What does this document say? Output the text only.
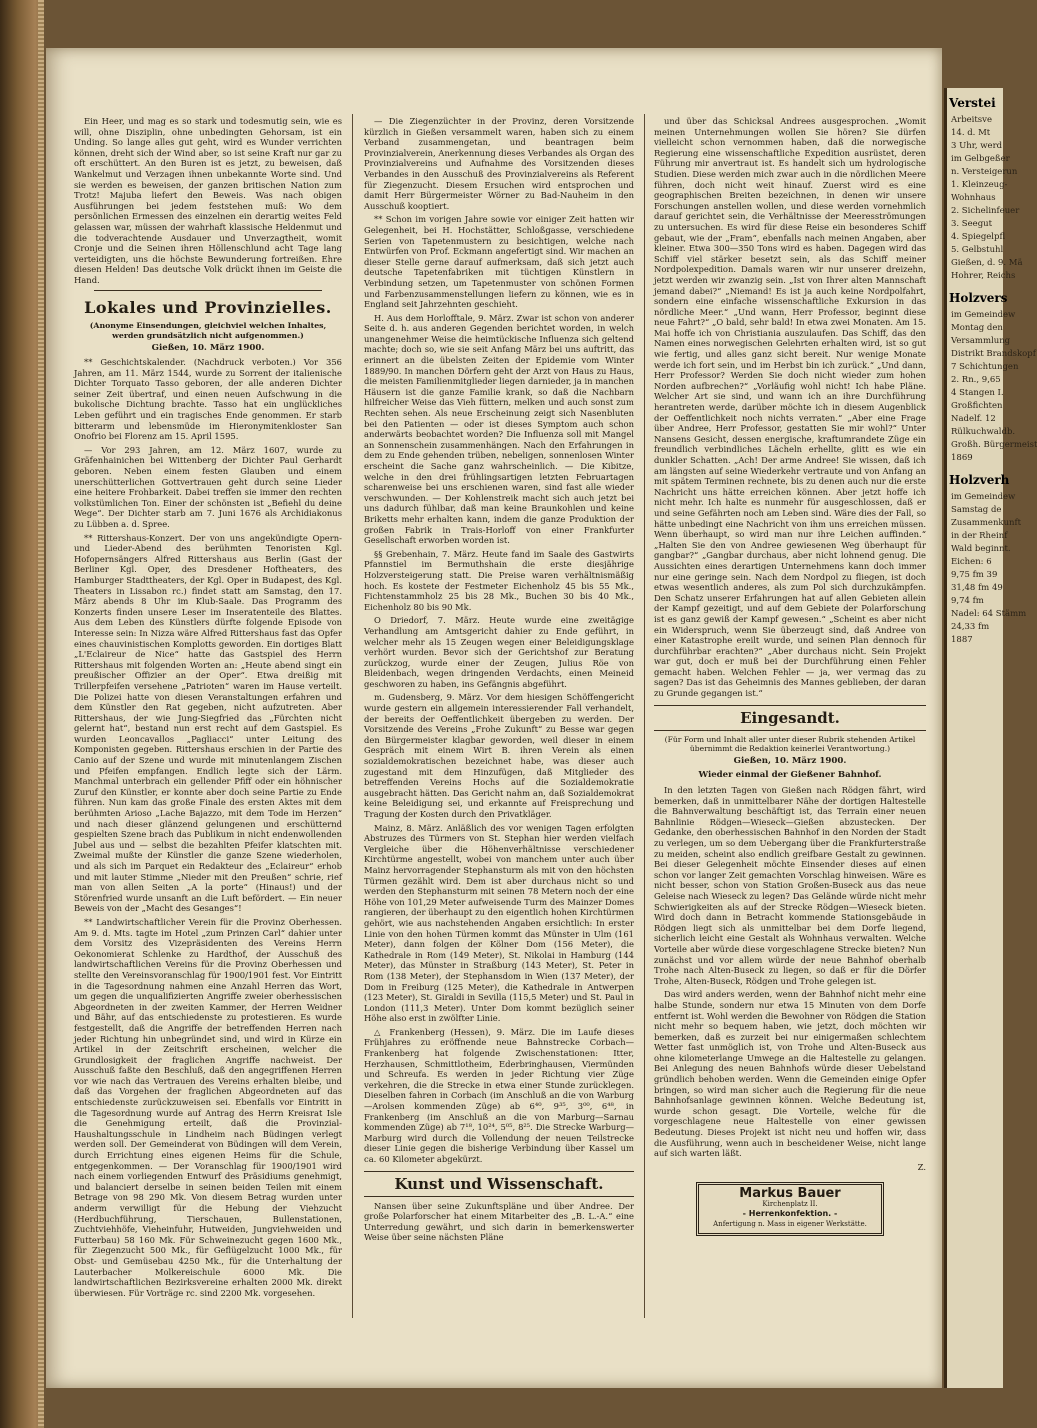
Ein Heer, und mag es so stark und todesmutig sein, wie es will, ohne Disziplin, ohne unbedingten Gehorsam, ist ein Unding. So lange alles gut geht, wird es Wunder verrichten können, dreht sich der Wind aber, so ist seine Kraft nur gar zu oft erschüttert. An den Buren ist es jetzt, zu beweisen, daß Wankelmut und Verzagen ihnen unbekannte Worte sind. Und sie werden es beweisen, der ganzen britischen Nation zum Trotz! Majuba liefert den Beweis. Was nach obigen Ausführungen bei jedem feststehen muß: Wo dem persönlichen Ermessen des einzelnen ein derartig weites Feld gelassen war, müssen der wahrhaft klassische Heldenmut und die todverachtende Ausdauer und Unverzagtheit, womit Cronje und die Seinen ihren Höllenschlund acht Tage lang verteidigten, uns die höchste Bewunderung fortreißen. Ehre diesen Helden! Das deutsche Volk drückt ihnen im Geiste die Hand.

Lokales und Provinzielles.
(Anonyme Einsendungen, gleichviel welchen Inhaltes, werden grundsätzlich nicht aufgenommen.)
Gießen, 10. März 1900.

** Geschichtskalender. (Nachdruck verboten.) Vor 356 Jahren, am 11. März 1544, wurde zu Sorrent der italienische Dichter Torquato Tasso geboren, der alle anderen Dichter seiner Zeit übertraf, und einen neuen Aufschwung in die bukolische Dichtung brachte. Tasso hat ein unglückliches Leben geführt und ein tragisches Ende genommen. Er starb bitterarm und lebensmüde im Hieronymitenkloster San Onofrio bei Florenz am 15. April 1595.

— Vor 293 Jahren, am 12. März 1607, wurde zu Gräfenhainichen bei Wittenberg der Dichter Paul Gerhardt geboren. Neben einem festen Glauben und einem unerschütterlichen Gottvertrauen geht durch seine Lieder eine heitere Frohbarkeit. Dabei treffen sie immer den rechten volkstümlichen Ton. Einer der schönsten ist „Befiehl du deine Wege“. Der Dichter starb am 7. Juni 1676 als Archidiakonus zu Lübben a. d. Spree.

** Rittershaus-Konzert. Der von uns angekündigte Opern- und Lieder-Abend des berühmten Tenoristen Kgl. Hofopernsängers Alfred Rittershaus aus Berlin (Gast der Berliner Kgl. Oper, des Dresdener Hoftheaters, des Hamburger Stadttheaters, der Kgl. Oper in Budapest, des Kgl. Theaters in Lissabon rc.) findet statt am Samstag, den 17. März abends 8 Uhr im Klub-Saale. Das Programm des Konzerts finden unsere Leser im Inseratenteile des Blattes. Aus dem Leben des Künstlers dürfte folgende Episode von Interesse sein: In Nizza wäre Alfred Rittershaus fast das Opfer eines chauvinistischen Komplotts geworden. Ein dortiges Blatt „L'Eclaireur de Nice“ hatte das Gastspiel des Herrn Rittershaus mit folgenden Worten an: „Heute abend singt ein preußischer Offizier an der Oper“. Etwa dreißig mit Trillerpfeifen versehene „Patrioten“ waren im Hause verteilt. Die Polizei hatte von diesen Veranstaltungen erfahren und dem Künstler den Rat gegeben, nicht aufzutreten. Aber Rittershaus, der wie Jung-Siegfried das „Fürchten nicht gelernt hat“, bestand nun erst recht auf dem Gastspiel. Es wurden Leoncavallos „Pagliacci“ unter Leitung des Komponisten gegeben. Rittershaus erschien in der Partie des Canio auf der Szene und wurde mit minutenlangem Zischen und Pfeifen empfangen. Endlich legte sich der Lärm. Manchmal unterbrach ein gellender Pfiff oder ein höhnischer Zuruf den Künstler, er konnte aber doch seine Partie zu Ende führen. Nun kam das große Finale des ersten Aktes mit dem berühmten Arioso „Lache Bajazzo, mit dem Tode im Herzen“ und nach dieser glänzend gelungenen und erschütternd gespielten Szene brach das Publikum in nicht endenwollenden Jubel aus und — selbst die bezahlten Pfeifer klatschten mit. Zweimal mußte der Künstler die ganze Szene wiederholen, und als sich im Parquet ein Redakteur des „Eclaireur“ erhob und mit lauter Stimme „Nieder mit den Preußen“ schrie, rief man von allen Seiten „A la porte“ (Hinaus!) und der Störenfried wurde unsanft an die Luft befördert. — Ein neuer Beweis von der „Macht des Gesanges“!

** Landwirtschaftlicher Verein für die Provinz Oberhessen. Am 9. d. Mts. tagte im Hotel „zum Prinzen Carl“ dahier unter dem Vorsitz des Vizepräsidenten des Vereins Herrn Oekonomierat Schlenke zu Hardthof, der Ausschuß des landwirtschaftlichen Vereins für die Provinz Oberhessen und stellte den Vereinsvoranschlag für 1900/1901 fest. Vor Eintritt in die Tagesordnung nahmen eine Anzahl Herren das Wort, um gegen die unqualifizierten Angriffe zweier oberhessischen Abgeordneten in der zweiten Kammer, der Herren Weidner und Bähr, auf das entschiedenste zu protestieren. Es wurde festgestellt, daß die Angriffe der betreffenden Herren nach jeder Richtung hin unbegründet sind, und wird in Kürze ein Artikel in der Zeitschrift erscheinen, welcher die Grundlosigkeit der fraglichen Angriffe nachweist. Der Ausschuß faßte den Beschluß, daß den angegriffenen Herren vor wie nach das Vertrauen des Vereins erhalten bleibe, und daß das Vorgehen der fraglichen Abgeordneten auf das entschiedenste zurückzuweisen sei. Ebenfalls vor Eintritt in die Tagesordnung wurde auf Antrag des Herrn Kreisrat Isle die Genehmigung erteilt, daß die Provinzial-Haushaltungsschule in Lindheim nach Büdingen verlegt werden soll. Der Gemeinderat von Büdingen will dem Verein, durch Errichtung eines eigenen Heims für die Schule, entgegenkommen. — Der Voranschlag für 1900/1901 wird nach einem vorliegenden Entwurf des Präsidiums genehmigt, und balanciert derselbe in seinen beiden Teilen mit einem Betrage von 98 290 Mk. Von diesem Betrag wurden unter anderm verwilligt für die Hebung der Viehzucht (Herdbuchführung, Tierschauen, Bullenstationen, Zuchtviehhöfe, Vieheinfuhr, Hutweiden, Jungviehweiden und Futterbau) 58 160 Mk. Für Schweinezucht gegen 1600 Mk., für Ziegenzucht 500 Mk., für Geflügelzucht 1000 Mk., für Obst- und Gemüsebau 4250 Mk., für die Unterhaltung der Lauterbacher Molkereischule 6000 Mk. Die landwirtschaftlichen Bezirksvereine erhalten 2000 Mk. direkt überwiesen. Für Vorträge rc. sind 2200 Mk. vorgesehen.

— Die Ziegenzüchter in der Provinz, deren Vorsitzende kürzlich in Gießen versammelt waren, haben sich zu einem Verband zusammengetan, und beantragen beim Provinzialverein, Anerkennung dieses Verbandes als Organ des Provinzialvereins und Aufnahme des Vorsitzenden dieses Verbandes in den Ausschuß des Provinzialvereins als Referent für Ziegenzucht. Diesem Ersuchen wird entsprochen und damit Herr Bürgermeister Wörner zu Bad-Nauheim in den Ausschuß kooptiert.

** Schon im vorigen Jahre sowie vor einiger Zeit hatten wir Gelegenheit, bei H. Hochstätter, Schloßgasse, verschiedene Serien von Tapetenmustern zu besichtigen, welche nach Entwürfen von Prof. Eckmann angefertigt sind. Wir machen an dieser Stelle gerne darauf aufmerksam, daß sich jetzt auch deutsche Tapetenfabriken mit tüchtigen Künstlern in Verbindung setzen, um Tapetenmuster von schönen Formen und Farbenzusammenstellungen liefern zu können, wie es in England seit Jahrzehnten geschieht.

H. Aus dem Horlofftale, 9. März. Zwar ist schon von anderer Seite d. h. aus anderen Gegenden berichtet worden, in welch unangenehmer Weise die heimtückische Influenza sich geltend machte; doch so, wie sie seit Anfang März bei uns auftritt, das erinnert an die übelsten Zeiten der Epidemie vom Winter 1889/90. In manchen Dörfern geht der Arzt von Haus zu Haus, die meisten Familienmitglieder liegen darnieder, ja in manchen Häusern ist die ganze Familie krank, so daß die Nachbarn hilfreicher Weise das Vieh füttern, melken und auch sonst zum Rechten sehen. Als neue Erscheinung zeigt sich Nasenbluten bei den Patienten — oder ist dieses Symptom auch schon anderwärts beobachtet worden? Die Influenza soll mit Mangel an Sonnenschein zusammenhängen. Nach den Erfahrungen in dem zu Ende gehenden trüben, nebeligen, sonnenlosen Winter erscheint die Sache ganz wahrscheinlich. — Die Kibitze, welche in den drei frühlingsartigen letzten Februartagen scharenweise bei uns erschienen waren, sind fast alle wieder verschwunden. — Der Kohlenstreik macht sich auch jetzt bei uns dadurch fühlbar, daß man keine Braunkohlen und keine Briketts mehr erhalten kann, indem die ganze Produktion der großen Fabrik in Trais-Horloff von einer Frankfurter Gesellschaft erworben worden ist.

§§ Grebenhain, 7. März. Heute fand im Saale des Gastwirts Pfannstiel im Bermuthshain die erste diesjährige Holzversteigerung statt. Die Preise waren verhältnismäßig hoch. Es kostete der Festmeter Eichenholz 45 bis 55 Mk., Fichtenstammholz 25 bis 28 Mk., Buchen 30 bis 40 Mk., Eichenholz 80 bis 90 Mk.

O Driedorf, 7. März. Heute wurde eine zweitägige Verhandlung am Amtsgericht dahier zu Ende geführt, in welcher mehr als 15 Zeugen wegen einer Beleidigungsklage verhört wurden. Bevor sich der Gerichtshof zur Beratung zurückzog, wurde einer der Zeugen, Julius Röe von Bleidenbach, wegen dringenden Verdachts, einen Meineid geschworen zu haben, ins Gefängnis abgeführt.

m. Gudensberg, 9. März. Vor dem hiesigen Schöffengericht wurde gestern ein allgemein interessierender Fall verhandelt, der bereits der Oeffentlichkeit übergeben zu werden. Der Vorsitzende des Vereins „Frohe Zukunft“ zu Besse war gegen den Bürgermeister klagbar geworden, weil dieser in einem Gespräch mit einem Wirt B. ihren Verein als einen sozialdemokratischen bezeichnet habe, was dieser auch zugestand mit dem Hinzufügen, daß Mitglieder des betreffenden Vereins Hochs auf die Sozialdemokratie ausgebracht hätten. Das Gericht nahm an, daß Sozialdemokrat keine Beleidigung sei, und erkannte auf Freisprechung und Tragung der Kosten durch den Privatkläger.

Mainz, 8. März. Anläßlich des vor wenigen Tagen erfolgten Abstruzes des Türmers von St. Stephan hier werden vielfach Vergleiche über die Höhenverhältnisse verschiedener Kirchtürme angestellt, wobei von manchem unter auch über Mainz hervorragender Stephansturm als mit von den höchsten Türmen gezählt wird. Dem ist aber durchaus nicht so und werden den Stephansturm mit seinen 78 Metern noch der eine Höhe von 101,29 Meter aufweisende Turm des Mainzer Domes rangieren, der überhaupt zu den eigentlich hohen Kirchtürmen gehört, wie aus nachstehenden Angaben ersichtlich: In erster Linie von den hohen Türmen kommt das Münster in Ulm (161 Meter), dann folgen der Kölner Dom (156 Meter), die Kathedrale in Rom (149 Meter), St. Nikolai in Hamburg (144 Meter), das Münster in Straßburg (143 Meter), St. Peter in Rom (138 Meter), der Stephansdom in Wien (137 Meter), der Dom in Freiburg (125 Meter), die Kathedrale in Antwerpen (123 Meter), St. Giraldi in Sevilla (115,5 Meter) und St. Paul in London (111,3 Meter). Unter Dom kommt bezüglich seiner Höhe also erst in zwölfter Linie.

△ Frankenberg (Hessen), 9. März. Die im Laufe dieses Frühjahres zu eröffnende neue Bahnstrecke Corbach—Frankenberg hat folgende Zwischenstationen: Itter, Herzhausen, Schmittlotheim, Ederbringhausen, Viermünden und Schreufa. Es werden in jeder Richtung vier Züge verkehren, die die Strecke in etwa einer Stunde zurücklegen. Dieselben fahren in Corbach (im Anschluß an die von Warburg—Arolsen kommenden Züge) ab 6⁴⁰, 9³⁵, 3⁰⁰, 6⁴⁸, in Frankenberg (im Anschluß an die von Marburg—Sarnau kommenden Züge) ab 7¹⁸, 10²⁴, 5⁰⁵, 8²⁵. Die Strecke Warburg—Marburg wird durch die Vollendung der neuen Teilstrecke dieser Linie gegen die bisherige Verbindung über Kassel um ca. 60 Kilometer abgekürzt.

Kunst und Wissenschaft.

Nansen über seine Zukunftspläne und über Andree. Der große Polarforscher hat einem Mitarbeiter des „B. L.-A.“ eine Unterredung gewährt, und sich darin in bemerkenswerter Weise über seine nächsten Pläne

und über das Schicksal Andrees ausgesprochen. „Womit meinen Unternehmungen wollen Sie hören? Sie dürfen vielleicht schon vernommen haben, daß die norwegische Regierung eine wissenschaftliche Expedition ausrüstet, deren Führung mir anvertraut ist. Es handelt sich um hydrologische Studien. Diese werden mich zwar auch in die nördlichen Meere führen, doch nicht weit hinauf. Zuerst wird es eine geographischen Breiten bezeichnen, in denen wir unsere Forschungen anstellen wollen, und diese werden vornehmlich darauf gerichtet sein, die Verhältnisse der Meeresströmungen zu untersuchen. Es wird für diese Reise ein besonderes Schiff gebaut, wie der „Fram“, ebenfalls nach meinen Angaben, aber kleiner. Etwa 300—350 Tons wird es haben. Dagegen wird das Schiff viel stärker besetzt sein, als das Schiff meiner Nordpolexpedition. Damals waren wir nur unserer dreizehn, jetzt werden wir zwanzig sein. „Ist von Ihrer alten Mannschaft jemand dabei?“ „Niemand! Es ist ja auch keine Nordpolfahrt, sondern eine einfache wissenschaftliche Exkursion in das nördliche Meer.“ „Und wann, Herr Professor, beginnt diese neue Fahrt?“ „O bald, sehr bald! In etwa zwei Monaten. Am 15. Mai hoffe ich von Christiania auszulaufen. Das Schiff, das den Namen eines norwegischen Gelehrten erhalten wird, ist so gut wie fertig, und alles ganz sicht bereit. Nur wenige Monate werde ich fort sein, und im Herbst bin ich zurück.“ „Und dann, Herr Professor? Werden Sie doch nicht wieder zum hohen Norden aufbrechen?“ „Vorläufig wohl nicht! Ich habe Pläne. Welcher Art sie sind, und wann ich an ihre Durchführung herantreten werde, darüber möchte ich in diesem Augenblick der Oeffentlichkeit noch nichts verraten.“ „Aber eine Frage über Andree, Herr Professor, gestatten Sie mir wohl?“ Unter Nansens Gesicht, dessen energische, kraftumrandete Züge ein freundlich verbindliches Lächeln erhellte, glitt es wie ein dunkler Schatten. „Ach! Der arme Andree! Sie wissen, daß ich am längsten auf seine Wiederkehr vertraute und von Anfang an mit spätem Terminen rechnete, bis zu denen auch nur die erste Nachricht uns hätte erreichen können. Aber jetzt hoffe ich nicht mehr. Ich halte es nunmehr für ausgeschlossen, daß er und seine Gefährten noch am Leben sind. Wäre dies der Fall, so hätte unbedingt eine Nachricht von ihm uns erreichen müssen. Wenn überhaupt, so wird man nur ihre Leichen auffinden.“ „Halten Sie den von Andree gewiesenen Weg überhaupt für gangbar?“ „Gangbar durchaus, aber nicht lohnend genug. Die Aussichten eines derartigen Unternehmens kann doch immer nur eine geringe sein. Nach dem Nordpol zu fliegen, ist doch etwas wesentlich anderes, als zum Pol sich durchzukämpfen. Den Schatz unserer Erfahrungen hat auf allen Gebieten allein der Kampf gezeitigt, und auf dem Gebiete der Polarforschung ist es ganz gewiß der Kampf gewesen.“ „Scheint es aber nicht ein Widerspruch, wenn Sie überzeugt sind, daß Andree von einer Katastrophe ereilt wurde, und seinen Plan dennoch für durchführbar erachten?“ „Aber durchaus nicht. Sein Projekt war gut, doch er muß bei der Durchführung einen Fehler gemacht haben. Welchen Fehler — ja, wer vermag das zu sagen? Das ist das Geheimnis des Mannes geblieben, der daran zu Grunde gegangen ist.“

Eingesandt.
(Für Form und Inhalt aller unter dieser Rubrik stehenden Artikel übernimmt die Redaktion keinerlei Verantwortung.)
Gießen, 10. März 1900.
Wieder einmal der Gießener Bahnhof.

In den letzten Tagen von Gießen nach Rödgen fährt, wird bemerken, daß in unmittelbarer Nähe der dortigen Haltestelle die Bahnverwaltung beschäftigt ist, das Terrain einer neuen Bahnlinie Rödgen—Wieseck—Gießen abzustecken. Der Gedanke, den oberhessischen Bahnhof in den Norden der Stadt zu verlegen, um so dem Uebergang über die Frankfurterstraße zu meiden, scheint also endlich greifbare Gestalt zu gewinnen. Bei dieser Gelegenheit möchte Einsender dieses auf einen schon vor langer Zeit gemachten Vorschlag hinweisen. Wäre es nicht besser, schon von Station Großen-Buseck aus das neue Geleise nach Wieseck zu legen? Das Gelände würde nicht mehr Schwierigkeiten als auf der Strecke Rödgen—Wieseck bieten. Wird doch dann in Betracht kommende Stationsgebäude in Rödgen liegt sich als unmittelbar bei dem Dorfe liegend, sicherlich leicht eine Gestalt als Wohnhaus verwalten. Welche Vorteile aber würde diese vorgeschlagene Strecke bieten? Nun zunächst und vor allem würde der neue Bahnhof oberhalb Trohe nach Alten-Buseck zu liegen, so daß er für die Dörfer Trohe, Alten-Buseck, Rödgen und Trohe gelegen ist.

Das wird anders werden, wenn der Bahnhof nicht mehr eine halbe Stunde, sondern nur etwa 15 Minuten von dem Dorfe entfernt ist. Wohl werden die Bewohner von Rödgen die Station nicht mehr so bequem haben, wie jetzt, doch möchten wir bemerken, daß es zurzeit bei nur einigermaßen schlechtem Wetter fast unmöglich ist, von Trohe und Alten-Buseck aus ohne kilometerlange Umwege an die Haltestelle zu gelangen. Bei Anlegung des neuen Bahnhofs würde dieser Uebelstand gründlich behoben werden. Wenn die Gemeinden einige Opfer bringen, so wird man sicher auch die Regierung für die neue Bahnhofsanlage gewinnen können. Welche Bedeutung ist, wurde schon gesagt. Die Vorteile, welche für die vorgeschlagene neue Haltestelle von einer gewissen Bedeutung. Dieses Projekt ist nicht neu und hoffen wir, dass die Ausführung, wenn auch in bescheidener Weise, nicht lange auf sich warten läßt.

Z.

Markus Bauer
Kirchenplatz II.
- Herrenkonfektion. -
Anfertigung n. Mass in eigener Werkstätte.
Verstei
Arbeitsve
14. d. Mt
3 Uhr, werd
im Gelbgeßer
n. Versteigerun
1. Kleinzeug-
Wohnhaus
2. Sichelinfeuer
3. Seegut
4. Spiegelpfl
5. Gelbstuhl
Gießen, d. 9. Mä
Hohrer, Reichs
Holzvers
im Gemeindew
Montag den
Versammlung
Distrikt Brandskopf
7 Schichtungen
2. Rn., 9,65
4 Stangen I.
Großfichten
Nadelf. 12
Rülkuchwaldb.
Großh. Bürgermeist
1869
Holzverh
im Gemeindew
Samstag de
Zusammenkunft
in der Rheinf
Wald beginnt.
Eichen: 6
9,75 fm 39
31,48 fm 49
9,74 fm
Nadel: 64 Stämm
24,33 fm
1887
